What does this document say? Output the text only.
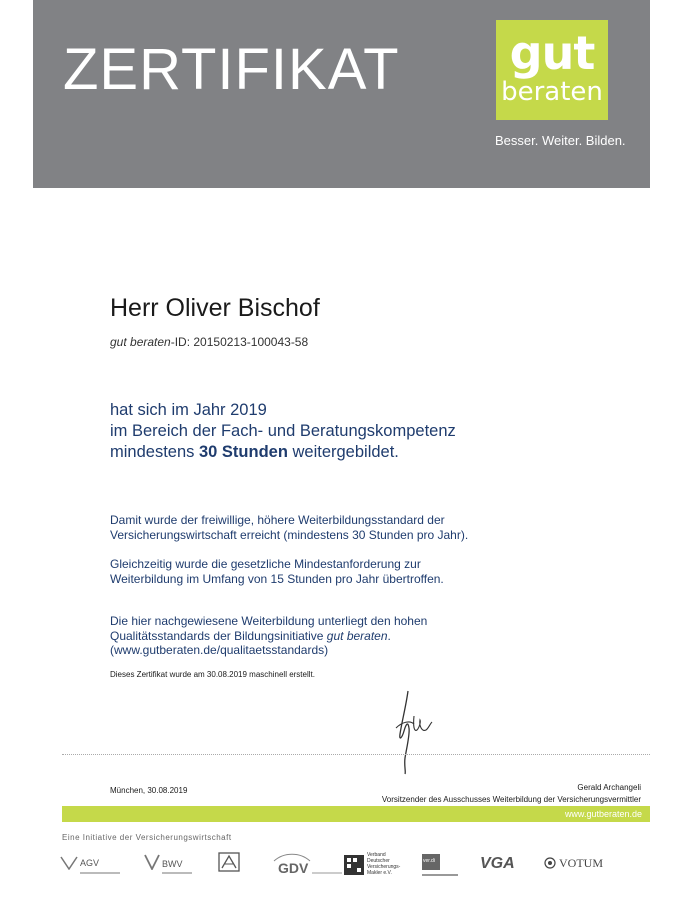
ZERTIFIKAT gut
beraten
Besser. Weiter. Bilden.
Herr Oliver Bischof
gut beraten-ID: 20150213-100043-58
hat sich im Jahr 2019
im Bereich der Fach- und Beratungskompetenz
mindestens 30 Stunden weitergebildet.
Damit wurde der freiwillige, höhere Weiterbildungsstandard der
Versicherungswirtschaft erreicht (mindestens 30 Stunden pro Jahr).
Gleichzeitig wurde die gesetzliche Mindestanforderung zur
Weiterbildung im Umfang von 15 Stunden pro Jahr übertroffen.
Die hier nachgewiesene Weiterbildung unterliegt den hohen
Qualitätsstandards der Bildungsinitiative gut beraten.
(www.gutberaten.de/qualitaetsstandards)
Dieses Zertifikat wurde am 30.08.2019 maschinell erstellt.
München, 30.08.2019	Gerald Archangeli
Vorsitzender des Ausschusses Weiterbildung der Versicherungsvermittler
www.gutberaten.de
Eine Initiative der Versicherungswirtschaft
AGV	BWV	GDV
Verband
Deutscher
Versicherungs-
Makler e.V.
ver.di	VGA	VOTUM
